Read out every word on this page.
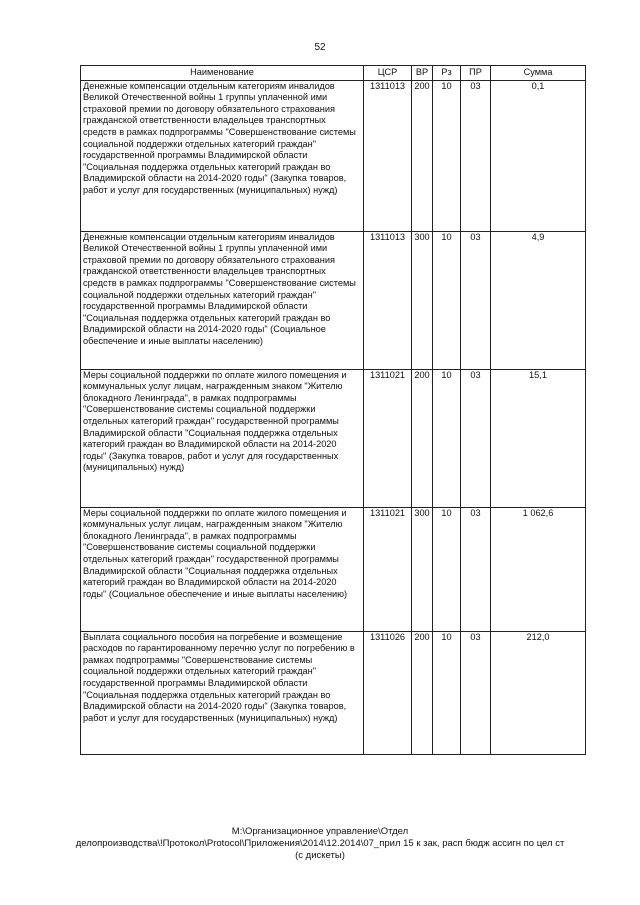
52
Наименование	ЦСР	ВР	Рз	ПР	Сумма
Денежные компенсации отдельным категориям инвалидов Великой Отечественной войны 1 группы уплаченной ими страховой премии по договору обязательного страхования гражданской ответственности владельцев транспортных средств в рамках подпрограммы "Совершенствование системы социальной поддержки отдельных категорий граждан" государственной программы Владимирской области "Социальная поддержка отдельных категорий граждан во Владимирской области на 2014-2020 годы" (Закупка товаров, работ и услуг для государственных (муниципальных) нужд)	1311013	200	10	03	0,1
Денежные компенсации отдельным категориям инвалидов Великой Отечественной войны 1 группы уплаченной ими страховой премии по договору обязательного страхования гражданской ответственности владельцев транспортных средств в рамках подпрограммы "Совершенствование системы социальной поддержки отдельных категорий граждан" государственной программы Владимирской области "Социальная поддержка отдельных категорий граждан во Владимирской области на 2014-2020 годы" (Социальное обеспечение и иные выплаты населению)	1311013	300	10	03	4,9
Меры социальной поддержки по оплате жилого помещения и коммунальных услуг лицам, награжденным знаком "Жителю блокадного Ленинграда", в рамках подпрограммы "Совершенствование системы социальной поддержки отдельных категорий граждан" государственной программы Владимирской области "Социальная поддержка отдельных категорий граждан во Владимирской области на 2014-2020 годы" (Закупка товаров, работ и услуг для государственных (муниципальных) нужд)	1311021	200	10	03	15,1
Меры социальной поддержки по оплате жилого помещения и коммунальных услуг лицам, награжденным знаком "Жителю блокадного Ленинграда", в рамках подпрограммы "Совершенствование системы социальной поддержки отдельных категорий граждан" государственной программы Владимирской области "Социальная поддержка отдельных категорий граждан во Владимирской области на 2014-2020 годы" (Социальное обеспечение и иные выплаты населению)	1311021	300	10	03	1 062,6
Выплата социального пособия на погребение и возмещение расходов по гарантированному перечню услуг по погребению в рамках подпрограммы "Совершенствование системы социальной поддержки отдельных категорий граждан" государственной программы Владимирской области "Социальная поддержка отдельных категорий граждан во Владимирской области на 2014-2020 годы" (Закупка товаров, работ и услуг для государственных (муниципальных) нужд)	1311026	200	10	03	212,0
M:\Организационное управление\Отдел
делопроизводства\!Протокол\Protocol\Приложения\2014\12.2014\07_прил 15 к зак, расп бюдж ассигн по цел ст
(с дискеты)
